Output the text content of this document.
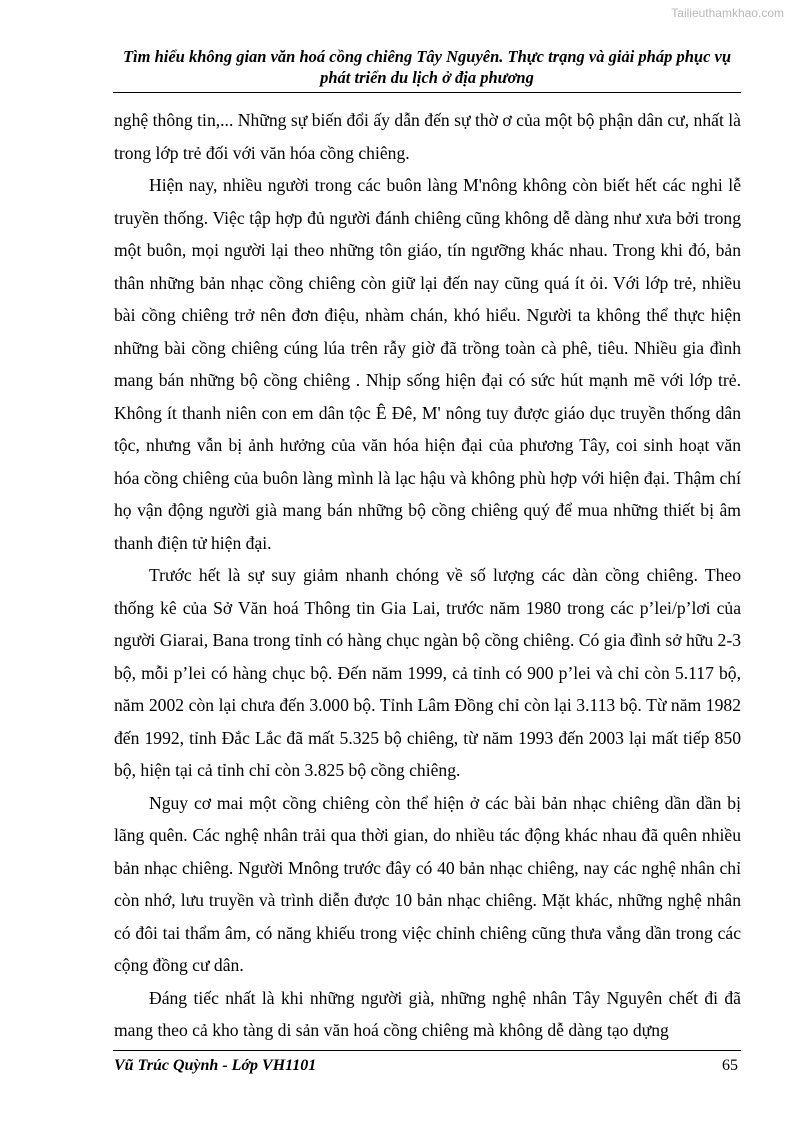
Tailieuthamkhao.com
Tìm hiểu không gian văn hoá cồng chiêng Tây Nguyên. Thực trạng và giải pháp phục vụ phát triển du lịch ở địa phương

nghệ thông tin,... Những sự biến đổi ấy dẫn đến sự thờ ơ của một bộ phận dân cư, nhất là trong lớp trẻ đối với văn hóa cồng chiêng.

Hiện nay, nhiều người trong các buôn làng M'nông không còn biết hết các nghi lễ truyền thống. Việc tập hợp đủ người đánh chiêng cũng không dễ dàng như xưa bởi trong một buôn, mọi người lại theo những tôn giáo, tín ngưỡng khác nhau. Trong khi đó, bản thân những bản nhạc cồng chiêng còn giữ lại đến nay cũng quá ít ỏi. Với lớp trẻ, nhiều bài cồng chiêng trở nên đơn điệu, nhàm chán, khó hiểu. Người ta không thể thực hiện những bài cồng chiêng cúng lúa trên rẫy giờ đã trồng toàn cà phê, tiêu. Nhiều gia đình mang bán những bộ cồng chiêng . Nhịp sống hiện đại có sức hút mạnh mẽ với lớp trẻ. Không ít thanh niên con em dân tộc Ê Đê, M' nông tuy được giáo dục truyền thống dân tộc, nhưng vẫn bị ảnh hưởng của văn hóa hiện đại của phương Tây, coi sinh hoạt văn hóa cồng chiêng của buôn làng mình là lạc hậu và không phù hợp với hiện đại. Thậm chí họ vận động người già mang bán những bộ cồng chiêng quý để mua những thiết bị âm thanh điện tử hiện đại.

Trước hết là sự suy giảm nhanh chóng về số lượng các dàn cồng chiêng. Theo thống kê của Sở Văn hoá Thông tin Gia Lai, trước năm 1980 trong các p’lei/p’lơi của người Giarai, Bana trong tỉnh có hàng chục ngàn bộ cồng chiêng. Có gia đình sở hữu 2-3 bộ, mỗi p’lei có hàng chục bộ. Đến năm 1999, cả tỉnh có 900 p’lei và chỉ còn 5.117 bộ, năm 2002 còn lại chưa đến 3.000 bộ. Tỉnh Lâm Đồng chỉ còn lại 3.113 bộ. Từ năm 1982 đến 1992, tỉnh Đắc Lắc đã mất 5.325 bộ chiêng, từ năm 1993 đến 2003 lại mất tiếp 850 bộ, hiện tại cả tỉnh chỉ còn 3.825 bộ cồng chiêng.

Nguy cơ mai một cồng chiêng còn thể hiện ở các bài bản nhạc chiêng dần dần bị lãng quên. Các nghệ nhân trải qua thời gian, do nhiều tác động khác nhau đã quên nhiều bản nhạc chiêng. Người Mnông trước đây có 40 bản nhạc chiêng, nay các nghệ nhân chỉ còn nhớ, lưu truyền và trình diễn được 10 bản nhạc chiêng. Mặt khác, những nghệ nhân có đôi tai thẩm âm, có năng khiếu trong việc chỉnh chiêng cũng thưa vắng dần trong các cộng đồng cư dân.

Đáng tiếc nhất là khi những người già, những nghệ nhân Tây Nguyên chết đi đã mang theo cả kho tàng di sản văn hoá cồng chiêng mà không dễ dàng tạo dựng

Vũ Trúc Quỳnh - Lớp VH1101	65
